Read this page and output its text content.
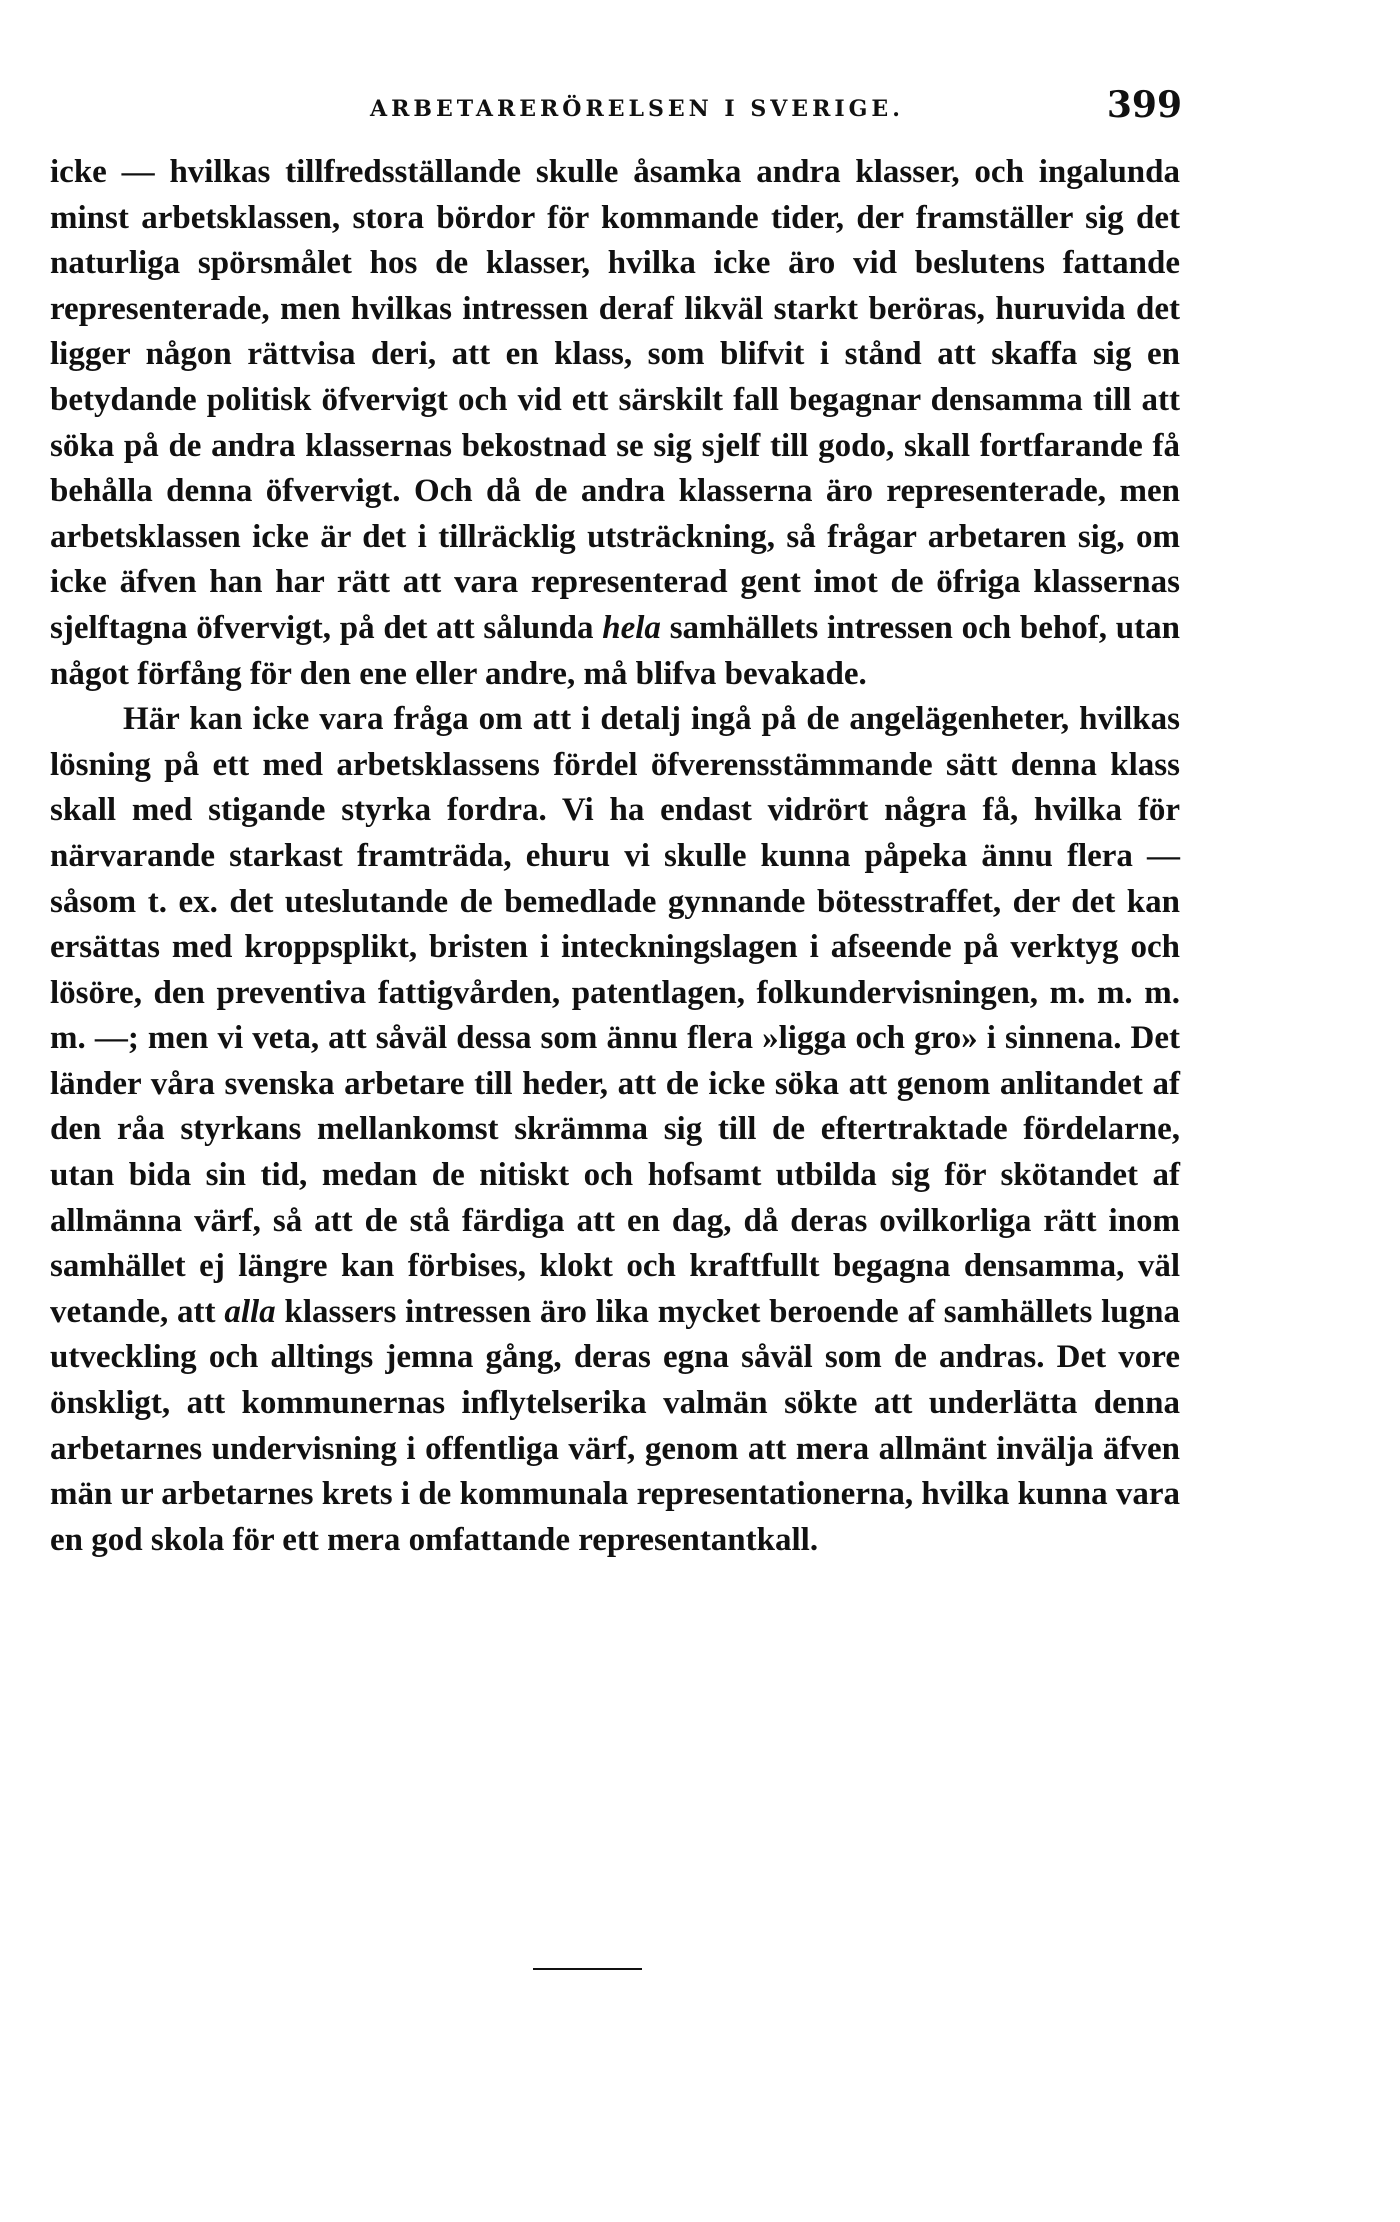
ARBETARERÖRELSEN I SVERIGE.	399

icke — hvilkas tillfredsställande skulle åsamka andra klasser, och ingalunda minst arbetsklassen, stora bördor för kommande tider, der framställer sig det naturliga spörsmålet hos de klasser, hvilka icke äro vid beslutens fattande representerade, men hvilkas intressen deraf likväl starkt beröras, huruvida det ligger någon rättvisa deri, att en klass, som blifvit i stånd att skaffa sig en betydande politisk öfvervigt och vid ett särskilt fall begagnar densamma till att söka på de andra klassernas bekostnad se sig sjelf till godo, skall fortfarande få behålla denna öfvervigt. Och då de andra klasserna äro representerade, men arbetsklassen icke är det i tillräcklig utsträckning, så frågar arbetaren sig, om icke äfven han har rätt att vara representerad gent imot de öfriga klassernas sjelftagna öfvervigt, på det att sålunda hela samhällets intressen och behof, utan något förfång för den ene eller andre, må blifva bevakade.

Här kan icke vara fråga om att i detalj ingå på de angelägenheter, hvilkas lösning på ett med arbetsklassens fördel öfverensstämmande sätt denna klass skall med stigande styrka fordra. Vi ha endast vidrört några få, hvilka för närvarande starkast framträda, ehuru vi skulle kunna påpeka ännu flera — såsom t. ex. det uteslutande de bemedlade gynnande bötesstraffet, der det kan ersättas med kroppsplikt, bristen i inteckningslagen i afseende på verktyg och lösöre, den preventiva fattigvården, patentlagen, folkundervisningen, m. m. m. m. —; men vi veta, att såväl dessa som ännu flera »ligga och gro» i sinnena. Det länder våra svenska arbetare till heder, att de icke söka att genom anlitandet af den råa styrkans mellankomst skrämma sig till de eftertraktade fördelarne, utan bida sin tid, medan de nitiskt och hofsamt utbilda sig för skötandet af allmänna värf, så att de stå färdiga att en dag, då deras ovilkorliga rätt inom samhället ej längre kan förbises, klokt och kraftfullt begagna densamma, väl vetande, att alla klassers intressen äro lika mycket beroende af samhällets lugna utveckling och alltings jemna gång, deras egna såväl som de andras. Det vore önskligt, att kommunernas inflytelserika valmän sökte att underlätta denna arbetarnes undervisning i offentliga värf, genom att mera allmänt invälja äfven män ur arbetarnes krets i de kommunala representationerna, hvilka kunna vara en god skola för ett mera omfattande representantkall.
